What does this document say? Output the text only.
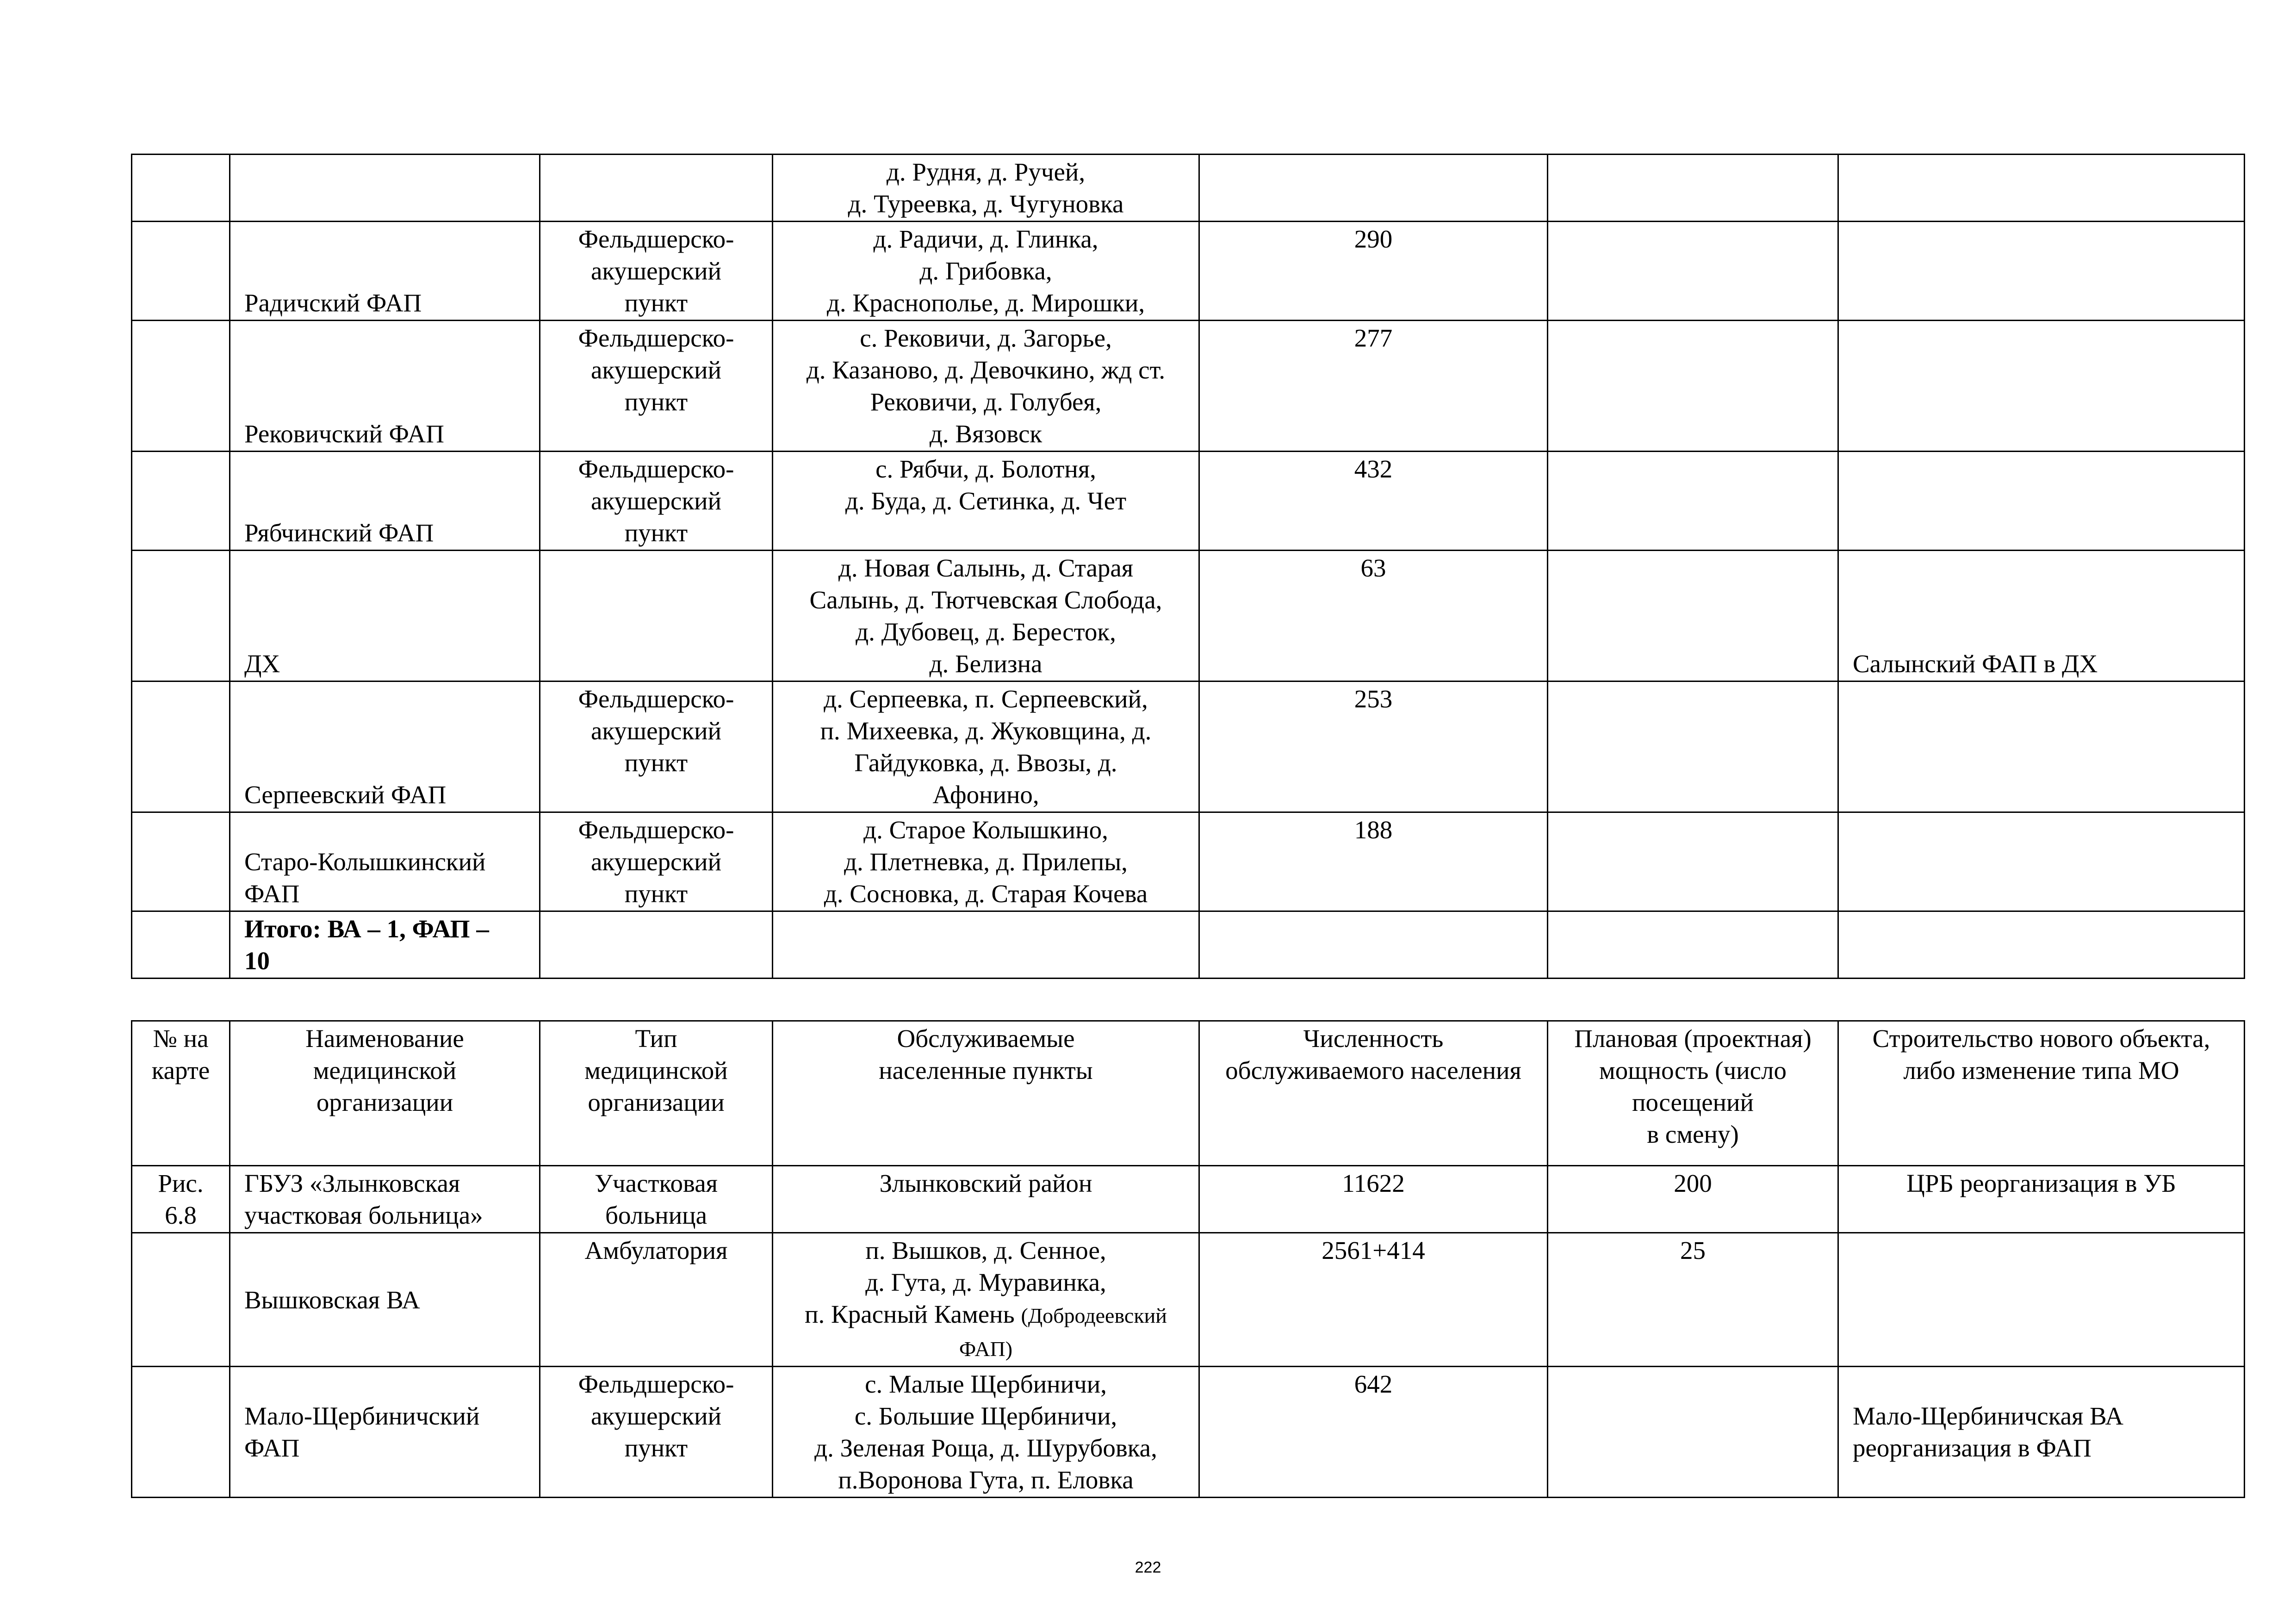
			д. Рудня, д. Ручей,
д. Туреевка, д. Чугуновка			
	Радичский ФАП	Фельдшерско-
акушерский
пункт	д. Радичи, д. Глинка,
д. Грибовка,
д. Краснополье, д. Мирошки,	290		
	Рековичский ФАП	Фельдшерско-
акушерский
пункт	с. Рековичи, д. Загорье,
д. Казаново, д. Девочкино, жд ст.
Рековичи, д. Голубея,
д. Вязовск	277		
	Рябчинский ФАП	Фельдшерско-
акушерский
пункт	с. Рябчи, д. Болотня,
д. Буда, д. Сетинка, д. Чет	432		
	ДХ		д. Новая Салынь, д. Старая
Салынь, д. Тютчевская Слобода,
д. Дубовец, д. Бересток,
д. Белизна	63		Салынский ФАП в ДХ
	Серпеевский ФАП	Фельдшерско-
акушерский
пункт	д. Серпеевка, п. Серпеевский,
п. Михеевка, д. Жуковщина, д.
Гайдуковка, д. Ввозы, д.
Афонино,	253		
	Старо-Колышкинский
ФАП	Фельдшерско-
акушерский
пункт	д. Старое Колышкино,
д. Плетневка, д. Прилепы,
д. Сосновка, д. Старая Кочева	188		
	Итого: ВА – 1, ФАП –
10					
№ на
карте	Наименование
медицинской
организации	Тип
медицинской
организации	Обслуживаемые
населенные пункты	Численность
обслуживаемого населения	Плановая (проектная)
мощность (число
посещений
в смену)	Строительство нового объекта,
либо изменение типа МО
Рис.
6.8	ГБУЗ «Злынковская
участковая больница»	Участковая
больница	Злынковский район	11622	200	ЦРБ реорганизация в УБ
	Вышковская ВА	Амбулатория	п. Вышков, д. Сенное,
д. Гута, д. Муравинка,
п. Красный Камень (Добродеевский
ФАП)	2561+414	25	
	Мало-Щербиничский
ФАП	Фельдшерско-
акушерский
пункт	с. Малые Щербиничи,
с. Большие Щербиничи,
д. Зеленая Роща, д. Шурубовка,
п.Воронова Гута, п. Еловка	642		Мало-Щербиничская ВА
реорганизация в ФАП
222
